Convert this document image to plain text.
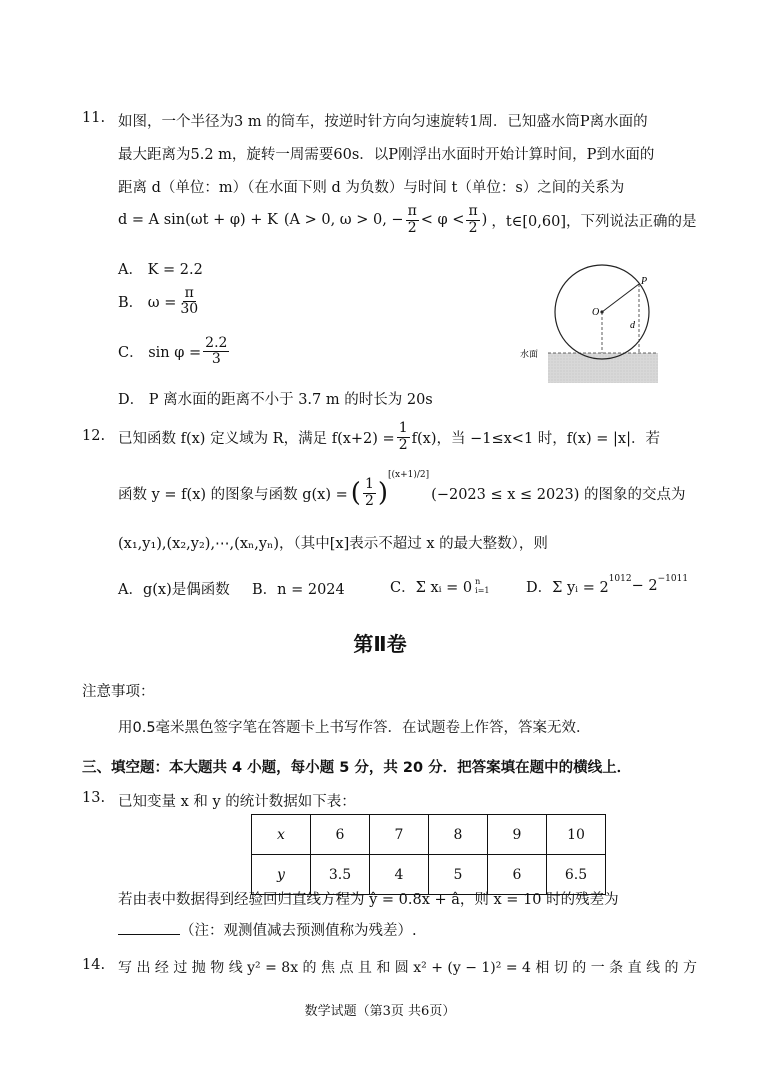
11. 如图，一个半径为3 m 的筒车，按逆时针方向匀速旋转1周．已知盛水筒P离水面的
最大距离为5.2 m，旋转一周需要60s．以P刚浮出水面时开始计算时间，P到水面的
距离 d（单位：m）（在水面下则 d 为负数）与时间 t（单位：s）之间的关系为
d = A sin(ωt + φ) + K (A > 0, ω > 0, − $\frac{\pi}{2} < \varphi < \frac{\pi}{2}$ ) ，t∈[0,60]，下列说法正确的是
A． K = 2.2
B． $\omega = \frac{\pi}{30}$
C． $\sin \varphi = \frac{2.2}{3}$
D． P 离水面的距离不小于 3.7 m 的时长为 20s
O
P
d
水面
12. 已知函数 f(x) 定义域为 R，满足 $f(x+2) = \frac{1}{2} f(x)$，当 −1≤x<1 时，f(x) = |x|．若
函数 y = f(x) 的图象与函数 g(x) = ( $\frac{1}{2}$ )
[(x+1)/2]
(−2023 ≤ x ≤ 2023) 的图象的交点为
(x₁,y₁),(x₂,y₂),⋯,(xₙ,yₙ)，（其中[x]表示不超过 x 的最大整数），则
A．g(x)是偶函数 B．n = 2024	C．Σ xᵢ = 0 n
i=1	D．Σ yᵢ = 2
$^{1012} - 2^{-1011}$
第Ⅱ卷
注意事项：
用0.5毫米黑色签字笔在答题卡上书写作答．在试题卷上作答，答案无效．
三、填空题：本大题共 4 小题，每小题 5 分，共 20 分．把答案填在题中的横线上．
13. 已知变量 x 和 y 的统计数据如下表：
x	6	7	8	9	10
y	3.5	4	5	6	6.5
若由表中数据得到经验回归直线方程为 ŷ = 0.8x + â，则 x = 10 时的残差为
（注：观测值减去预测值称为残差）.
14. 写 出 经 过 抛 物 线 y² = 8x 的 焦 点 且 和 圆 x² + (y − 1)² = 4 相 切 的 一 条 直 线 的 方
数学试题（第3页 共6页）
